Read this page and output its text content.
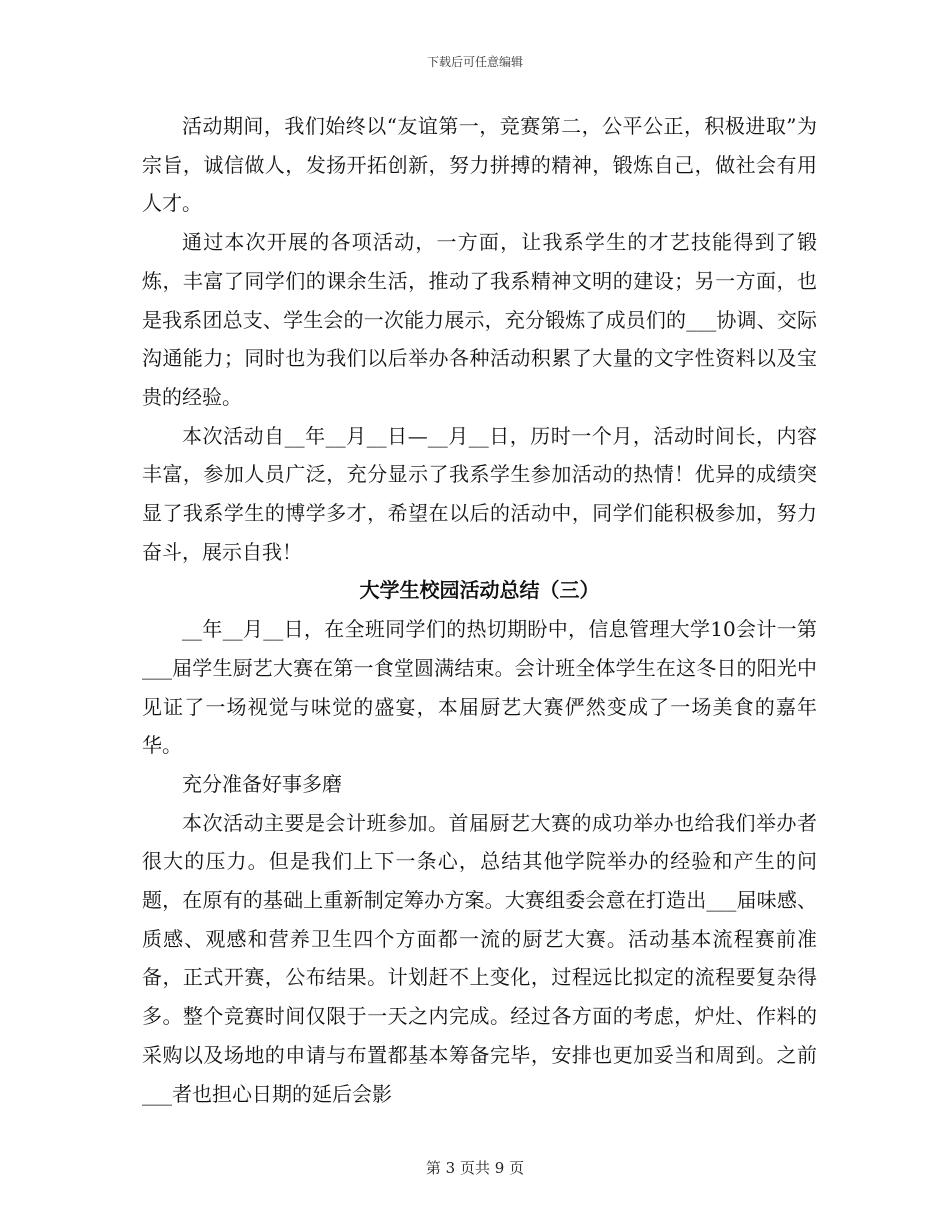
下载后可任意编辑

活动期间，我们始终以“友谊第一，竞赛第二，公平公正，积极进取”为宗旨，诚信做人，发扬开拓创新，努力拼搏的精神，锻炼自己，做社会有用人才。

通过本次开展的各项活动，一方面，让我系学生的才艺技能得到了锻炼，丰富了同学们的课余生活，推动了我系精神文明的建设；另一方面，也是我系团总支、学生会的一次能力展示，充分锻炼了成员们的___协调、交际沟通能力；同时也为我们以后举办各种活动积累了大量的文字性资料以及宝贵的经验。

本次活动自__年__月__日—__月__日，历时一个月，活动时间长，内容丰富，参加人员广泛，充分显示了我系学生参加活动的热情！优异的成绩突显了我系学生的博学多才，希望在以后的活动中，同学们能积极参加，努力奋斗，展示自我！

大学生校园活动总结（三）

__年__月__日，在全班同学们的热切期盼中，信息管理大学10会计一第___届学生厨艺大赛在第一食堂圆满结束。会计班全体学生在这冬日的阳光中见证了一场视觉与味觉的盛宴，本届厨艺大赛俨然变成了一场美食的嘉年华。

充分准备好事多磨

本次活动主要是会计班参加。首届厨艺大赛的成功举办也给我们举办者很大的压力。但是我们上下一条心，总结其他学院举办的经验和产生的问题，在原有的基础上重新制定筹办方案。大赛组委会意在打造出___届味感、质感、观感和营养卫生四个方面都一流的厨艺大赛。活动基本流程赛前准备，正式开赛，公布结果。计划赶不上变化，过程远比拟定的流程要复杂得多。整个竞赛时间仅限于一天之内完成。经过各方面的考虑，炉灶、作料的采购以及场地的申请与布置都基本筹备完毕，安排也更加妥当和周到。之前___者也担心日期的延后会影

第 3 页共 9 页
